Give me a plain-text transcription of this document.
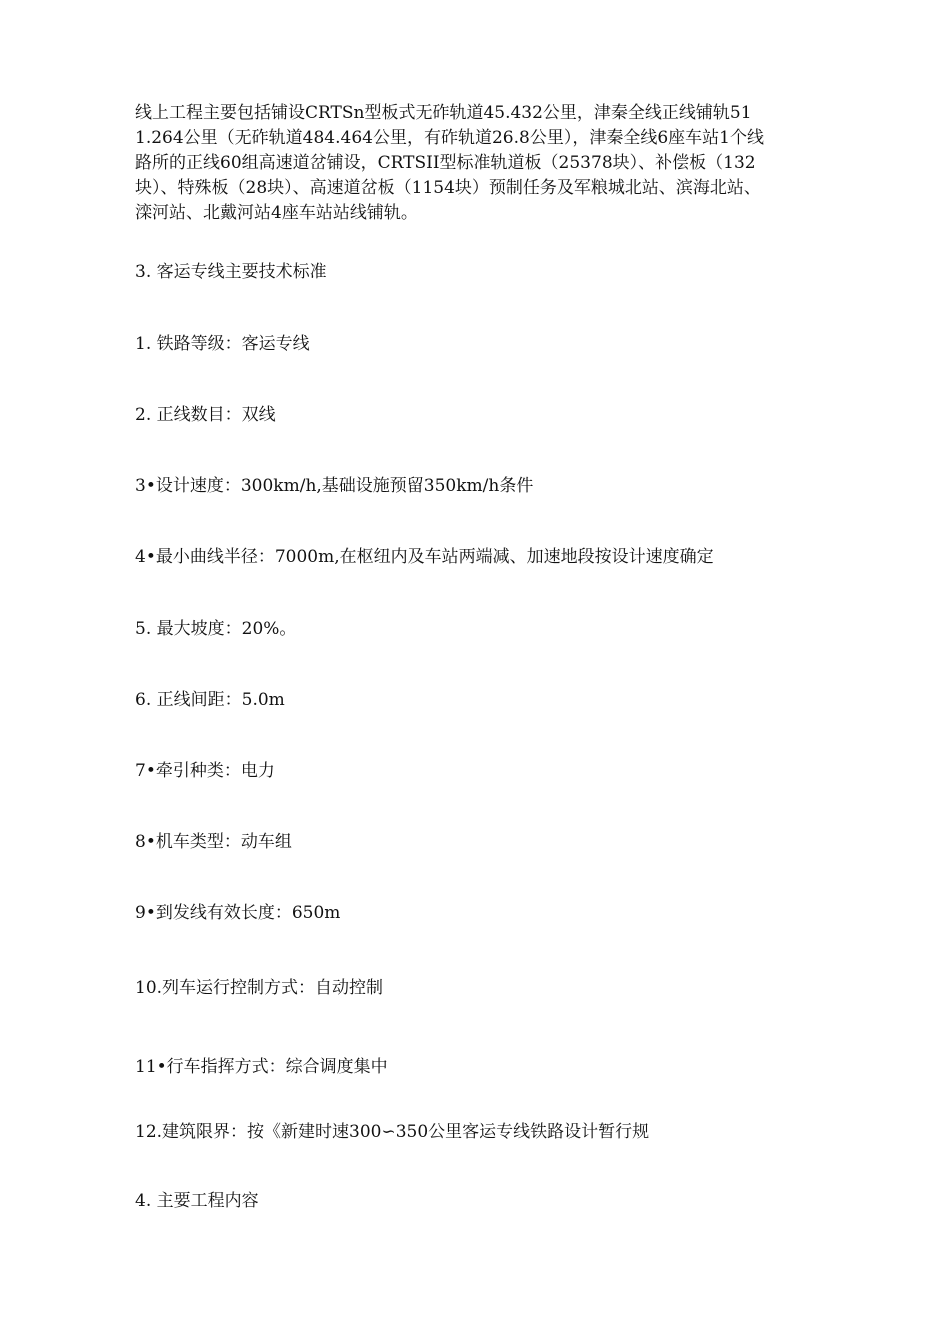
线上工程主要包括铺设CRTSn型板式无砟轨道45.432公里，津秦全线正线铺轨51

1.264公里（无砟轨道484.464公里，有砟轨道26.8公里），津秦全线6座车站1个线

路所的正线60组高速道岔铺设，CRTSII型标准轨道板（25378块）、补偿板（132

块）、特殊板（28块）、高速道岔板（1154块）预制任务及军粮城北站、滨海北站、

滦河站、北戴河站4座车站站线铺轨。

3. 客运专线主要技术标准

1. 铁路等级：客运专线

2. 正线数目：双线

3•设计速度：300km/h,基础设施预留350km/h条件

4•最小曲线半径：7000m,在枢纽内及车站两端减、加速地段按设计速度确定

5. 最大坡度：20%。

6. 正线间距：5.0m

7•牵引种类：电力

8•机车类型：动车组

9•到发线有效长度：650m

10.列车运行控制方式：自动控制

11•行车指挥方式：综合调度集中

12.建筑限界：按《新建时速300∽350公里客运专线铁路设计暂行规

4. 主要工程内容
